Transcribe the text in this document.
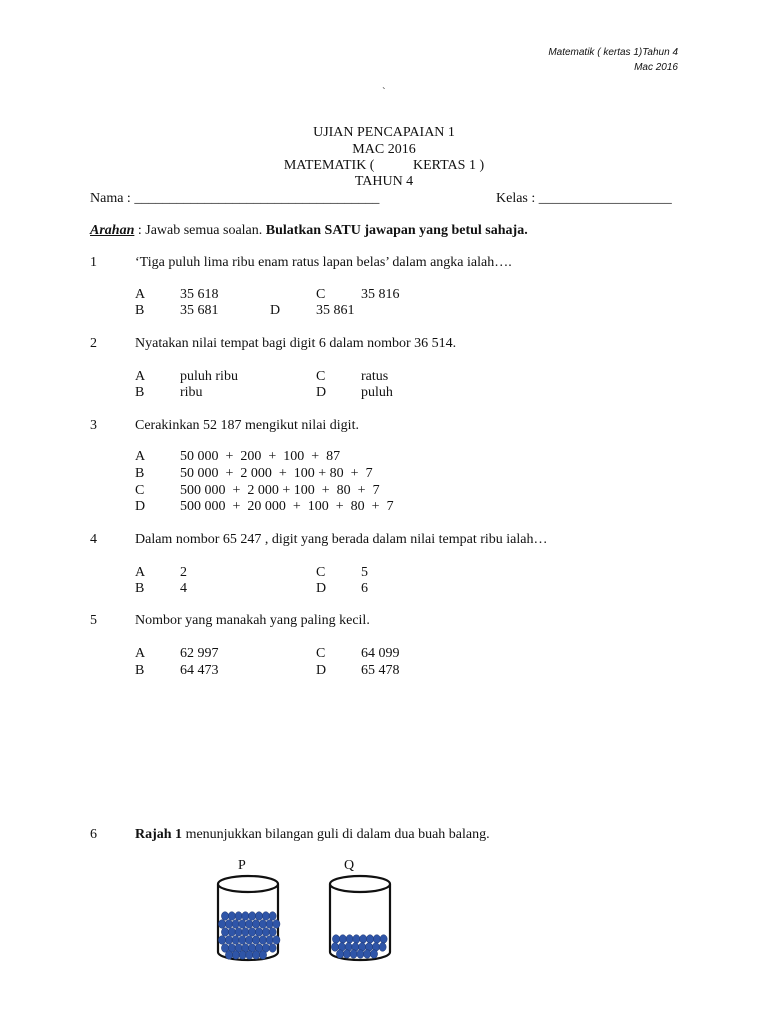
Matematik ( kertas 1)Tahun 4
Mac 2016
`
UJIAN PENCAPAIAN 1
MAC 2016
MATEMATIK (           KERTAS 1 )
TAHUN 4
Nama : ___________________________________	Kelas : ___________________
Arahan : Jawab semua soalan. Bulatkan SATU jawapan yang betul sahaja.
1	‘Tiga puluh lima ribu enam ratus lapan belas’ dalam angka ialah….
A 35 618	C	35 816
B	35 681	D	35 861
2	Nyatakan nilai tempat bagi digit 6 dalam nombor 36 514.
A puluh ribu	C	ratus
B	ribu	D puluh
3	Cerakinkan 52 187 mengikut nilai digit.
A 50 000  +  200  +  100  +  87
B	50 000  +  2 000  +  100 + 80  +  7
C	500 000  +  2 000 + 100  +  80  +  7
D 500 000  +  20 000  +  100  +  80  +  7
4	Dalam nombor 65 247 , digit yang berada dalam nilai tempat ribu ialah…
A 2	C	5
B	4	D 6
5	Nombor yang manakah yang paling kecil.
A 62 997	C	64 099
B	64 473	D 65 478
6	Rajah 1 menunjukkan bilangan guli di dalam dua buah balang.
P	Q
